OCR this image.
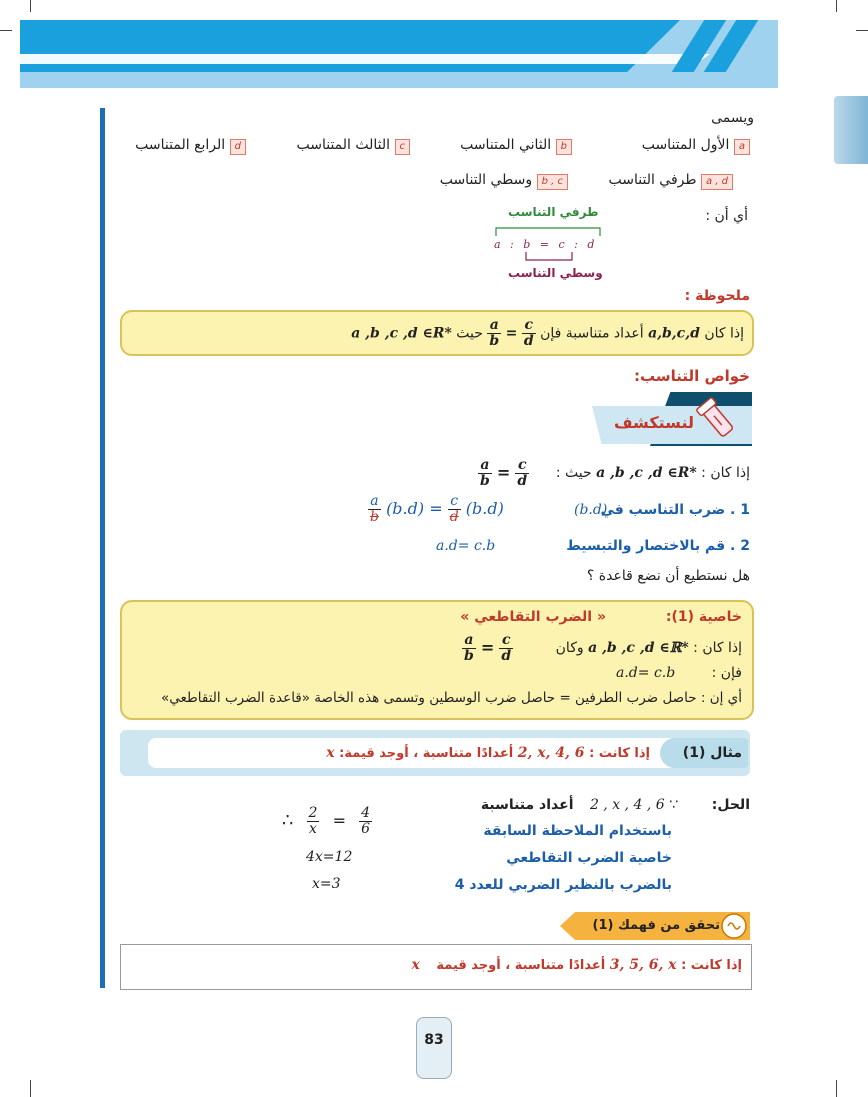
ويسمى
a الأول المتناسب
b الثاني المتناسب
c الثالث المتناسب
d الرابع المتناسب
a , d طرفي التناسب
b , c وسطي التناسب
أي أن :
طرفي التناسب
a : b = c : d
وسطي التناسب
ملحوظة :
إذا كان a,b,c,d أعداد متناسبة فإن
$\frac{a}{b} = \frac{c}{d}$
حيث a ,b ,c ,d ∈R*
خواص التناسب:
لنستكشف
إذا كان : a ,b ,c ,d ∈R* حيث :
$\frac{a}{b} = \frac{c}{d}$
1 . ضرب التناسب في
(b.d)
$\frac{a}{b} (b.d) = \frac{c}{d} (b.d)$
2 . قم بالاختصار والتبسيط
a.d= c.b
هل نستطيع أن نضع قاعدة ؟
خاصية (1):
« الضرب التقاطعي »
إذا كان : a ,b ,c ,d ∈ℝ* وكان
$\frac{a}{b} = \frac{c}{d}$
فإن :
a.d= c.b
أي إن : حاصل ضرب الطرفين = حاصل ضرب الوسطين وتسمى هذه الخاصة «قاعدة الضرب التقاطعي»
مثال (1)
إذا كانت : 2, x, 4, 6 أعدادًا متناسبة ، أوجد قيمة: x
الحل:
∵ 2 , x , 4 , 6 أعداد متناسبة
باستخدام الملاحظة السابقة
خاصية الضرب التقاطعي
بالضرب بالنظير الضربي للعدد 4
∴ $\frac{2}{x} = \frac{4}{6}$
4x=12
x=3
تحقق من فهمك (1)
إذا كانت : 3, 5, 6, x أعدادًا متناسبة ، أوجد قيمة x
83
